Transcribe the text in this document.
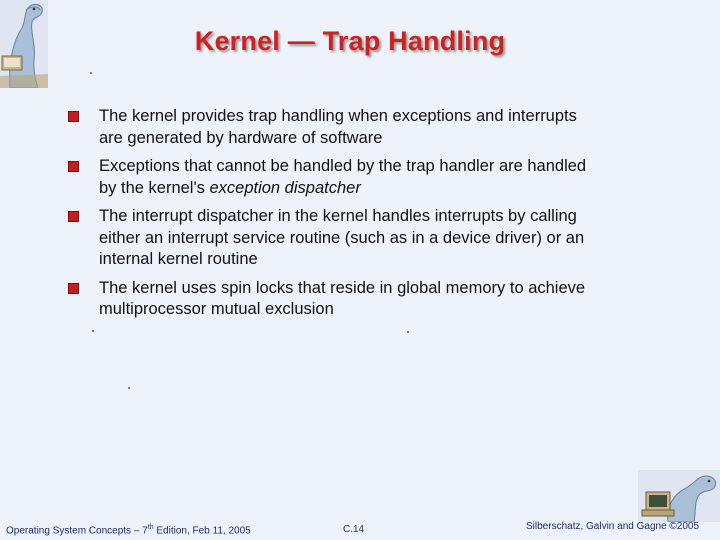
Kernel — Trap Handling
The kernel provides trap handling when exceptions and interrupts
are generated by hardware of software
Exceptions that cannot be handled by the trap handler are handled
by the kernel's exception dispatcher
The interrupt dispatcher in the kernel handles interrupts by calling
either an interrupt service routine (such as in a device driver) or an
internal kernel routine
The kernel uses spin locks that reside in global memory to achieve
multiprocessor mutual exclusion
Operating System Concepts – 7th Edition, Feb 11, 2005	C.14	Silberschatz, Galvin and Gagne ©2005
